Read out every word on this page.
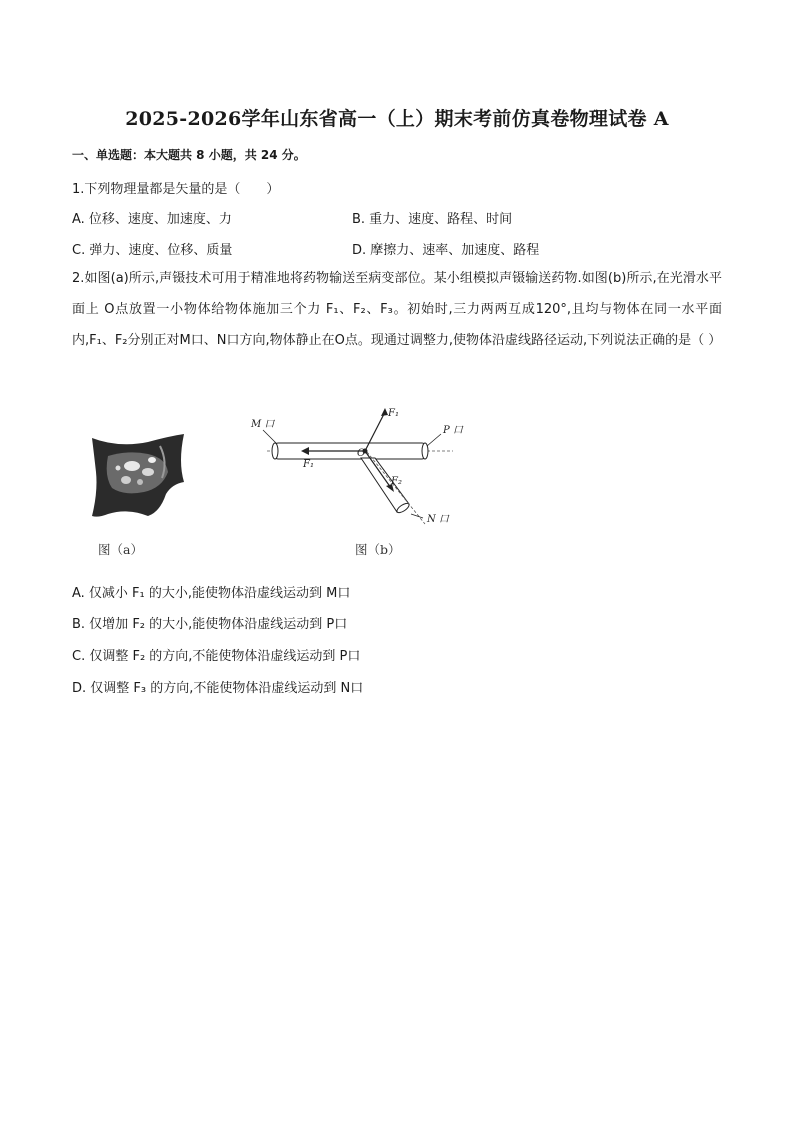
2025-2026学年山东省高一（上）期末考前仿真卷物理试卷 A
一、单选题：本大题共 8 小题，共 24 分。
1.下列物理量都是矢量的是（　　）
A. 位移、速度、加速度、力	B. 重力、速度、路程、时间
C. 弹力、速度、位移、质量	D. 摩擦力、速率、加速度、路程
2.如图(a)所示,声镊技术可用于精准地将药物输送至病变部位。某小组模拟声镊输送药物.如图(b)所示,在光滑水平面上 O点放置一小物体给物体施加三个力 F₁、F₂、F₃。初始时,三力两两互成120°,且均与物体在同一水平面内,F₁、F₂分别正对M口、N口方向,物体静止在O点。现通过调整力,使物体沿虚线路径运动,下列说法正确的是（ ）
图（a）
M 口
P 口
N 口
O
F₁
F₁
F₂
图（b）
A. 仅减小 F₁ 的大小,能使物体沿虚线运动到 M口
B. 仅增加 F₂ 的大小,能使物体沿虚线运动到 P口
C. 仅调整 F₂ 的方向,不能使物体沿虚线运动到 P口
D. 仅调整 F₃ 的方向,不能使物体沿虚线运动到 N口
